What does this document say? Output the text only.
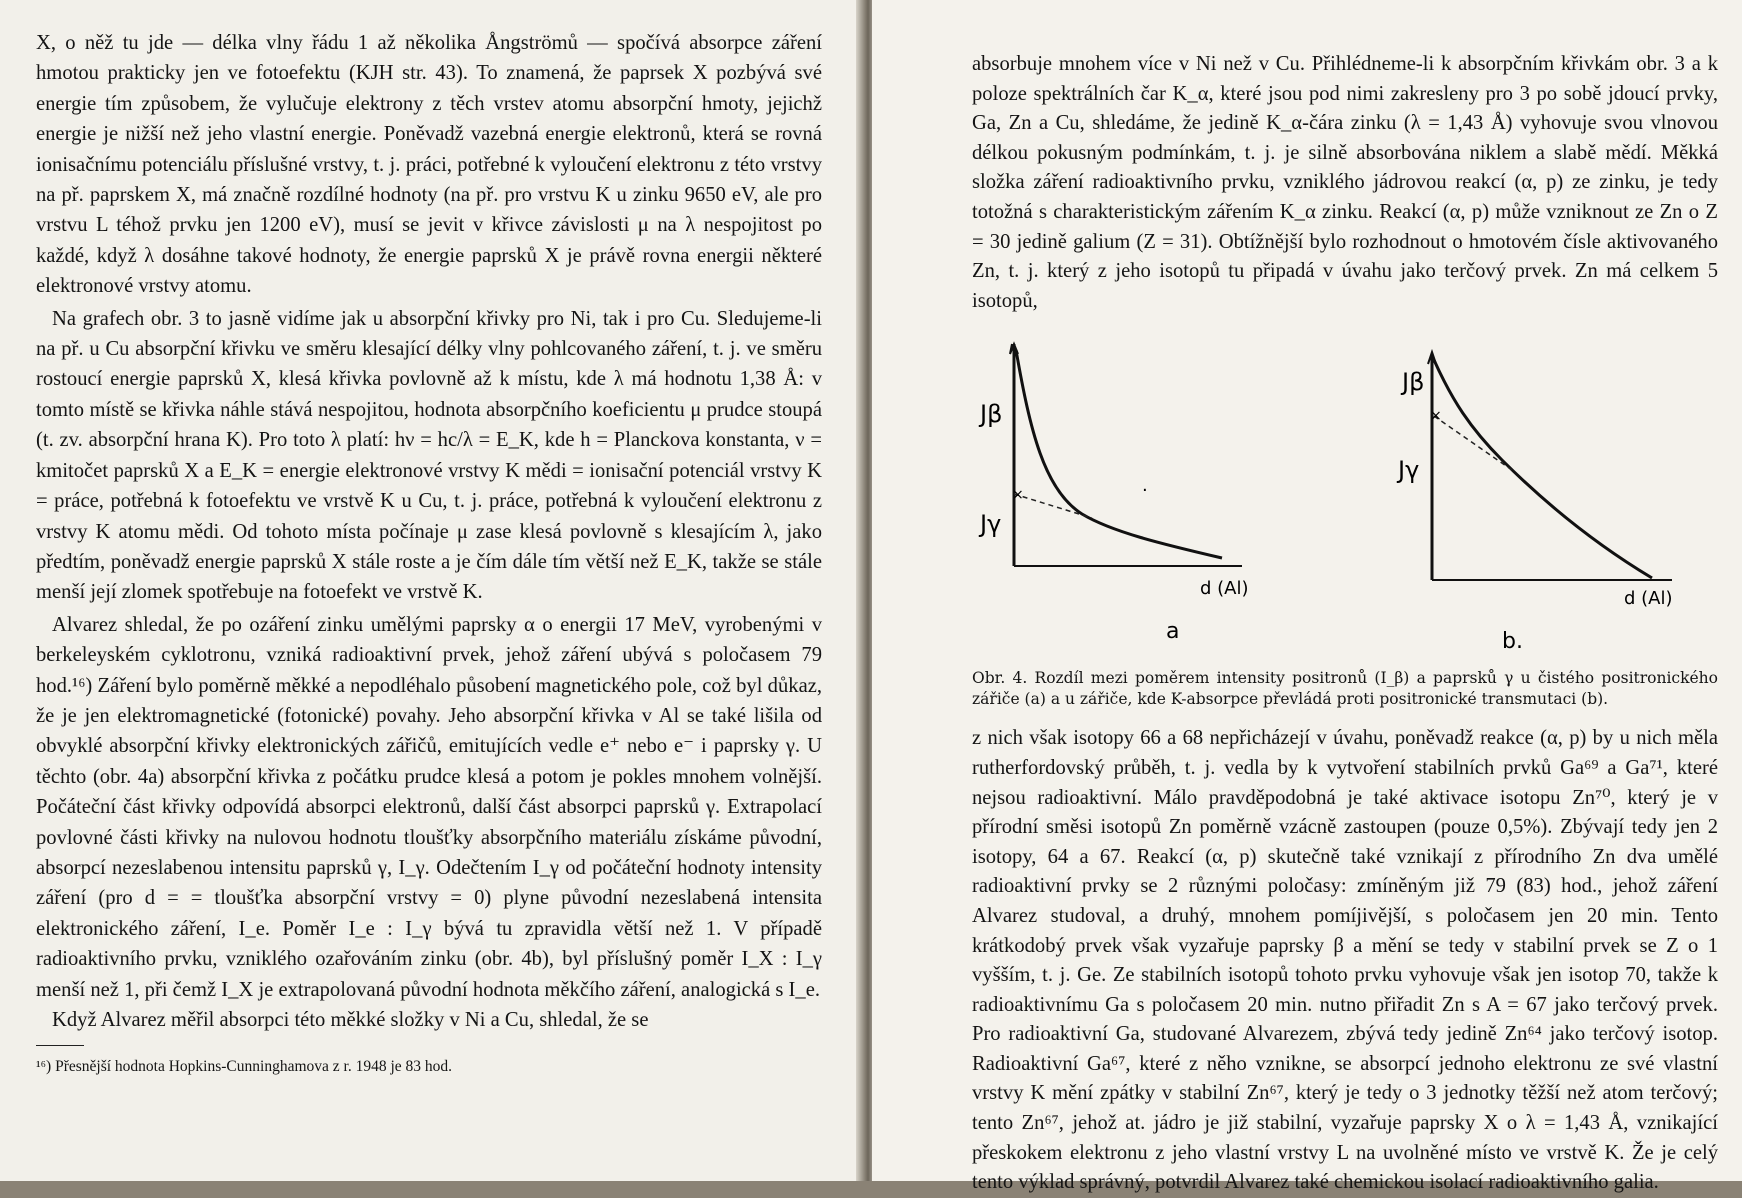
X, o něž tu jde — délka vlny řádu 1 až několika Ångströmů — spočívá absorpce záření hmotou prakticky jen ve fotoefektu (KJH str. 43). To znamená, že paprsek X pozbývá své energie tím způsobem, že vylučuje elektrony z těch vrstev atomu absorpční hmoty, jejichž energie je nižší než jeho vlastní energie. Poněvadž vazebná energie elektronů, která se rovná ionisačnímu potenciálu příslušné vrstvy, t. j. práci, potřebné k vyloučení elektronu z této vrstvy na př. paprskem X, má značně rozdílné hodnoty (na př. pro vrstvu K u zinku 9650 eV, ale pro vrstvu L téhož prvku jen 1200 eV), musí se jevit v křivce závislosti μ na λ nespojitost po každé, když λ dosáhne takové hodnoty, že energie paprsků X je právě rovna energii některé elektronové vrstvy atomu.

Na grafech obr. 3 to jasně vidíme jak u absorpční křivky pro Ni, tak i pro Cu. Sledujeme-li na př. u Cu absorpční křivku ve směru klesající délky vlny pohlcovaného záření, t. j. ve směru rostoucí energie paprsků X, klesá křivka povlovně až k místu, kde λ má hodnotu 1,38 Å: v tomto místě se křivka náhle stává nespojitou, hodnota absorpčního koeficientu μ prudce stoupá (t. zv. absorpční hrana K). Pro toto λ platí: hν = hc/λ = E_K, kde h = Planckova konstanta, ν = kmitočet paprsků X a E_K = energie elektronové vrstvy K mědi = ionisační potenciál vrstvy K = práce, potřebná k fotoefektu ve vrstvě K u Cu, t. j. práce, potřebná k vyloučení elektronu z vrstvy K atomu mědi. Od tohoto místa počínaje μ zase klesá povlovně s klesajícím λ, jako předtím, poněvadž energie paprsků X stále roste a je čím dále tím větší než E_K, takže se stále menší její zlomek spotřebuje na fotoefekt ve vrstvě K.

Alvarez shledal, že po ozáření zinku umělými paprsky α o energii 17 MeV, vyrobenými v berkeleyském cyklotronu, vzniká radioaktivní prvek, jehož záření ubývá s poločasem 79 hod.¹⁶) Záření bylo poměrně měkké a nepodléhalo působení magnetického pole, což byl důkaz, že je jen elektromagnetické (fotonické) povahy. Jeho absorpční křivka v Al se také lišila od obvyklé absorpční křivky elektronických zářičů, emitujících vedle e⁺ nebo e⁻ i paprsky γ. U těchto (obr. 4a) absorpční křivka z počátku prudce klesá a potom je pokles mnohem volnější. Počáteční část křivky odpovídá absorpci elektronů, další část absorpci paprsků γ. Extrapolací povlovné části křivky na nulovou hodnotu tloušťky absorpčního materiálu získáme původní, absorpcí nezeslabenou intensitu paprsků γ, I_γ. Odečtením I_γ od počáteční hodnoty intensity záření (pro d = = tloušťka absorpční vrstvy = 0) plyne původní nezeslabená intensita elektronického záření, I_e. Poměr I_e : I_γ bývá tu zpravidla větší než 1. V případě radioaktivního prvku, vzniklého ozařováním zinku (obr. 4b), byl příslušný poměr I_X : I_γ menší než 1, při čemž I_X je extrapolovaná původní hodnota měkčího záření, analogická s I_e.

Když Alvarez měřil absorpci této měkké složky v Ni a Cu, shledal, že se

¹⁶) Přesnější hodnota Hopkins-Cunninghamova z r. 1948 je 83 hod.

absorbuje mnohem více v Ni než v Cu. Přihlédneme-li k absorpčním křivkám obr. 3 a k poloze spektrálních čar K_α, které jsou pod nimi zakresleny pro 3 po sobě jdoucí prvky, Ga, Zn a Cu, shledáme, že jedině K_α-čára zinku (λ = 1,43 Å) vyhovuje svou vlnovou délkou pokusným podmínkám, t. j. je silně absorbována niklem a slabě mědí. Měkká složka záření radioaktivního prvku, vzniklého jádrovou reakcí (α, p) ze zinku, je tedy totožná s charakteristickým zářením K_α zinku. Reakcí (α, p) může vzniknout ze Zn o Z = 30 jedině galium (Z = 31). Obtížnější bylo rozhodnout o hmotovém čísle aktivovaného Zn, t. j. který z jeho isotopů tu připadá v úvahu jako terčový prvek. Zn má celkem 5 isotopů,

×	·
Jβ
Jγ
d (Al)
a
×
Jβ
Jγ
d (Al)
b.
Obr. 4. Rozdíl mezi poměrem intensity positronů (I_β) a paprsků γ u čistého positronického zářiče (a) a u zářiče, kde K-absorpce převládá proti positronické transmutaci (b).

z nich však isotopy 66 a 68 nepřicházejí v úvahu, poněvadž reakce (α, p) by u nich měla rutherfordovský průběh, t. j. vedla by k vytvoření stabilních prvků Ga⁶⁹ a Ga⁷¹, které nejsou radioaktivní. Málo pravděpodobná je také aktivace isotopu Zn⁷⁰, který je v přírodní směsi isotopů Zn poměrně vzácně zastoupen (pouze 0,5%). Zbývají tedy jen 2 isotopy, 64 a 67. Reakcí (α, p) skutečně také vznikají z přírodního Zn dva umělé radioaktivní prvky se 2 různými poločasy: zmíněným již 79 (83) hod., jehož záření Alvarez studoval, a druhý, mnohem pomíjivější, s poločasem jen 20 min. Tento krátkodobý prvek však vyzařuje paprsky β a mění se tedy v stabilní prvek se Z o 1 vyšším, t. j. Ge. Ze stabilních isotopů tohoto prvku vyhovuje však jen isotop 70, takže k radioaktivnímu Ga s poločasem 20 min. nutno přiřadit Zn s A = 67 jako terčový prvek. Pro radioaktivní Ga, studované Alvarezem, zbývá tedy jedině Zn⁶⁴ jako terčový isotop. Radioaktivní Ga⁶⁷, které z něho vznikne, se absorpcí jednoho elektronu ze své vlastní vrstvy K mění zpátky v stabilní Zn⁶⁷, který je tedy o 3 jednotky těžší než atom terčový; tento Zn⁶⁷, jehož at. jádro je již stabilní, vyzařuje paprsky X o λ = 1,43 Å, vznikající přeskokem elektronu z jeho vlastní vrstvy L na uvolněné místo ve vrstvě K. Že je celý tento výklad správný, potvrdil Alvarez také chemickou isolací radioaktivního galia.
